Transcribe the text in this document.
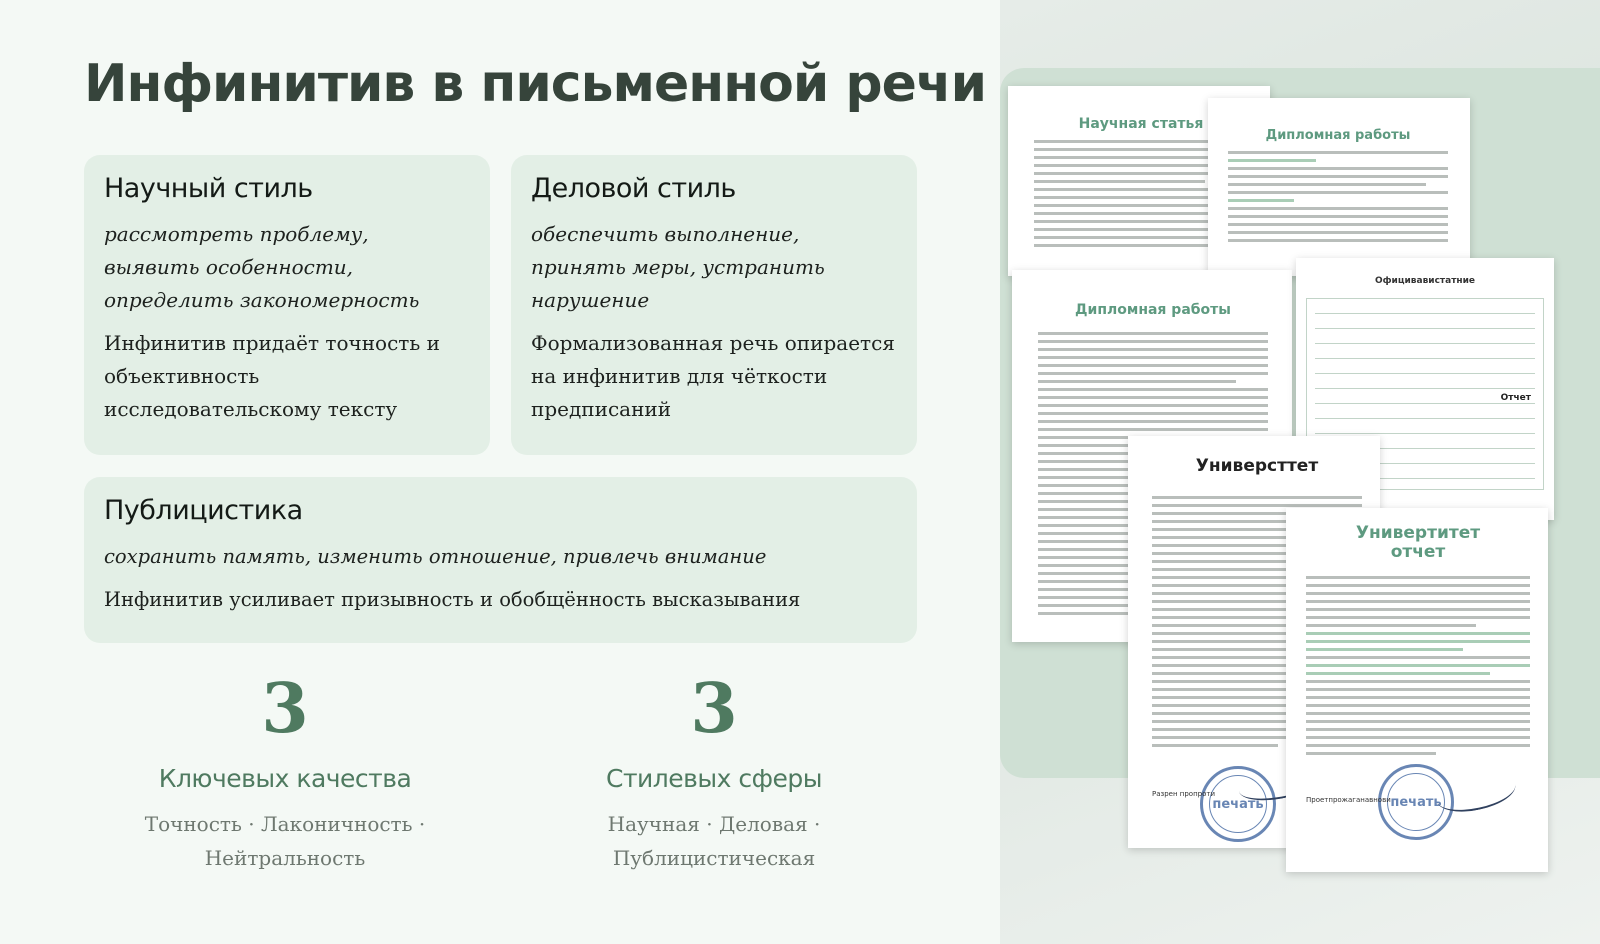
Инфинитив в письменной речи
Научный стиль

рассмотреть проблему, выявить особенности, определить закономерность

Инфинитив придаёт точность и объективность исследовательскому тексту

Деловой стиль

обеспечить выполнение, принять меры, устранить нарушение

Формализованная речь опирается на инфинитив для чёткости предписаний

Публицистика

сохранить память, изменить отношение, привлечь внимание

Инфинитив усиливает призывность и обобщённость высказывания

3
Ключевых качества
Точность · Лаконичность · Нейтральность
3
Стилевых сферы
Научная · Деловая · Публицистическая
Научная статья
Дипломная работы
Дипломная работы
Официвавистатние
Отчет
Универсттет
печать
Разрен пропроти
Универтитет отчет
печать
Проетпрожаганавнови
